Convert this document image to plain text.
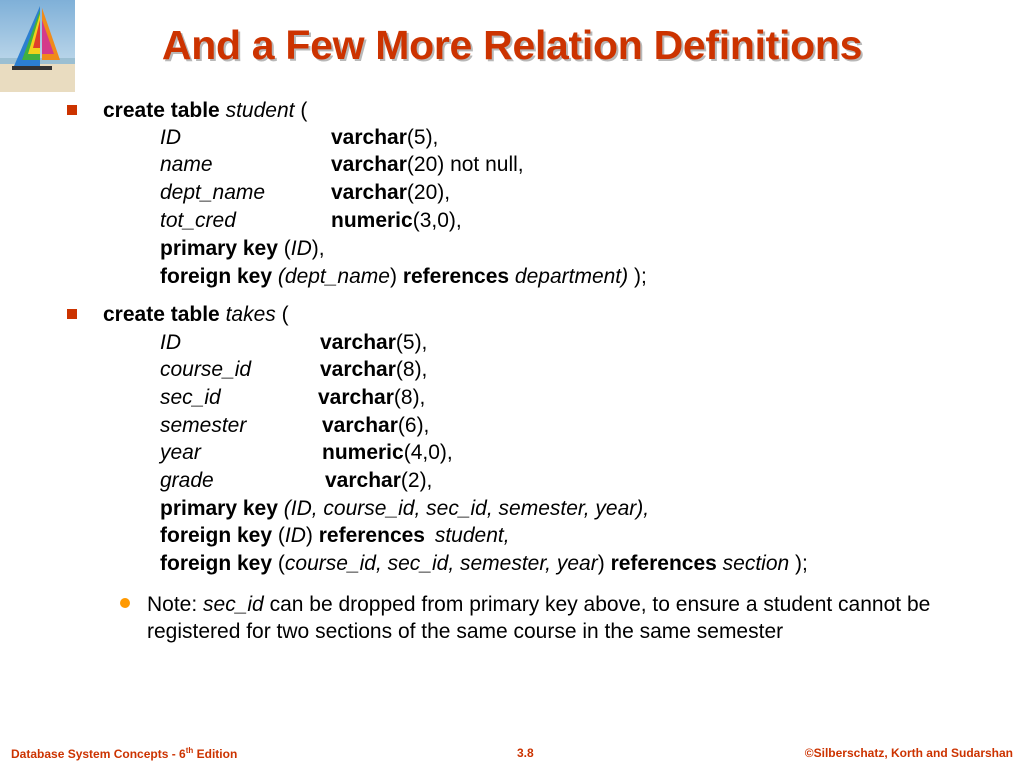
And a Few More Relation Definitions
create table student (
ID	varchar(5),
name	varchar(20) not null,
dept_name	varchar(20),
tot_cred	numeric(3,0),
primary key (ID),
foreign key (dept_name) references department) );
create table takes (
ID	varchar(5),
course_id	varchar(8),
sec_id	varchar(8),
semester	varchar(6),
year	numeric(4,0),
grade	varchar(2),
primary key (ID, course_id, sec_id, semester, year),
foreign key (ID) references student,
foreign key (course_id, sec_id, semester, year) references section );
Note: sec_id can be dropped from primary key above, to ensure a student cannot be registered for two sections of the same course in the same semester
Database System Concepts - 6th Edition	3.8	©Silberschatz, Korth and Sudarshan
